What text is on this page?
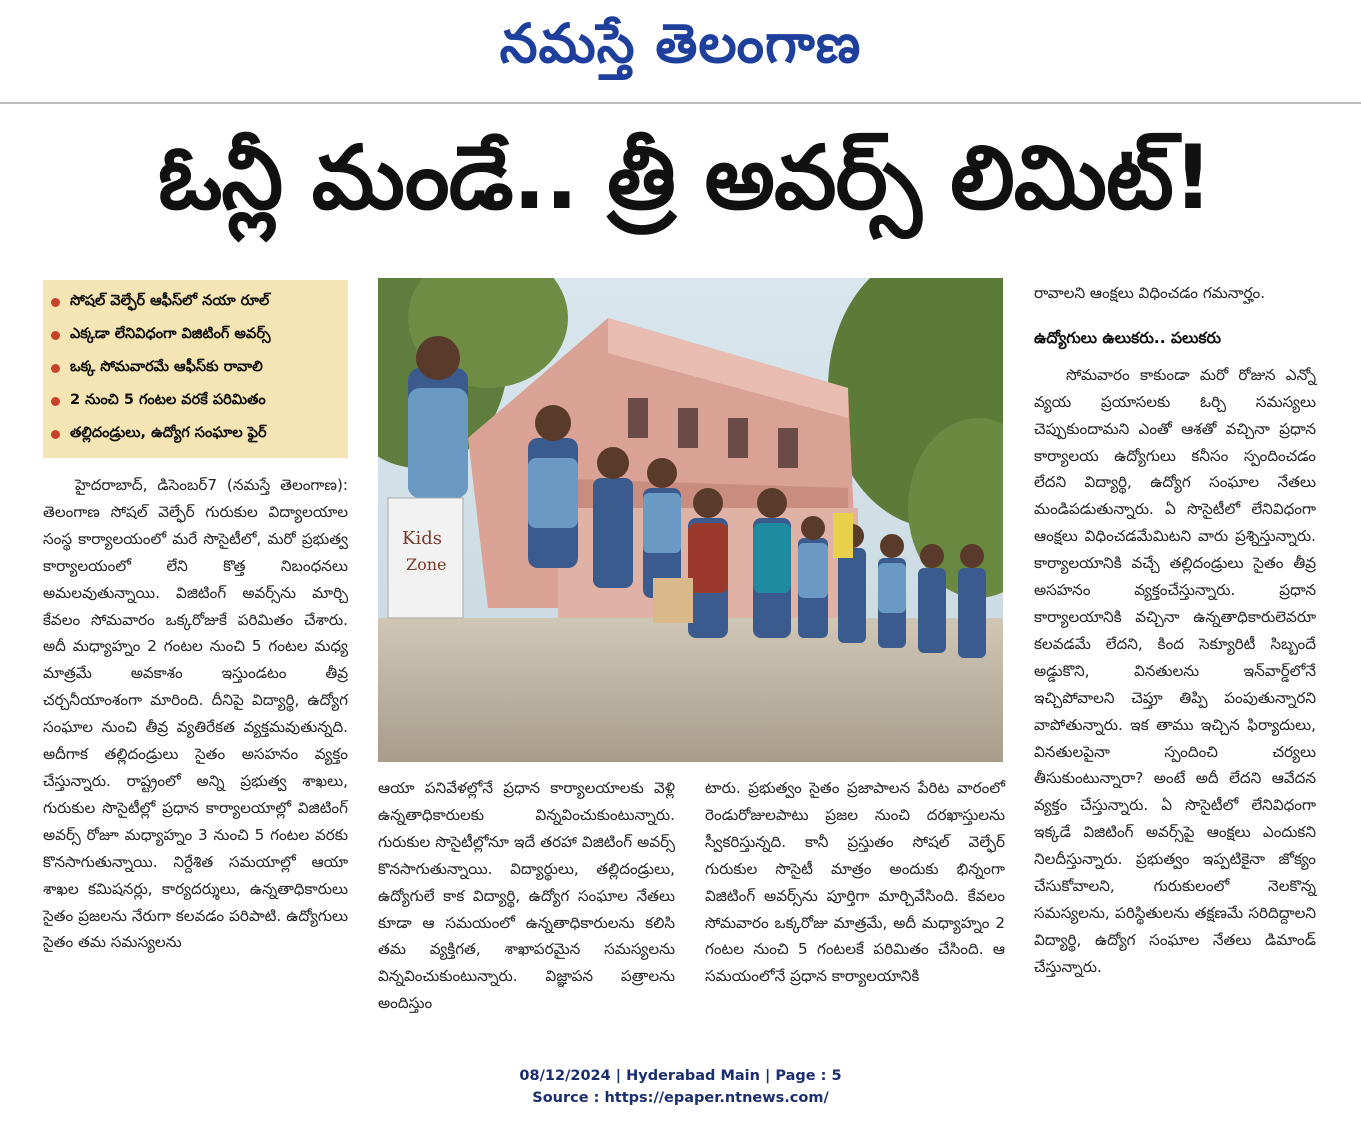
నమస్తే తెలంగాణ
ఓన్లీ మండే.. త్రీ అవర్స్ లిమిట్!
సోషల్ వెల్ఫేర్ ఆఫీస్‌లో నయా రూల్
ఎక్కడా లేనివిధంగా విజిటింగ్ అవర్స్
ఒక్క సోమవారమే ఆఫీస్‌కు రావాలి
2 నుంచి 5 గంటల వరకే పరిమితం
తల్లిదండ్రులు, ఉద్యోగ సంఘాల ఫైర్
Kids
Zone

హైదరాబాద్, డిసెంబర్7 (నమస్తే తెలంగాణ): తెలంగాణ సోషల్ వెల్ఫేర్ గురుకుల విద్యాలయాల సంస్థ కార్యాలయంలో మరే సొసైటీలో, మరో ప్రభుత్వ కార్యాలయంలో లేని కొత్త నిబంధనలు అమలవుతున్నాయి. విజిటింగ్ అవర్స్‌ను మార్చి కేవలం సోమవారం ఒక్కరోజుకే పరిమితం చేశారు. అదీ మధ్యాహ్నం 2 గంటల నుంచి 5 గంటల మధ్య మాత్రమే అవకాశం ఇస్తుండటం తీవ్ర చర్చనీయాంశంగా మారింది. దీనిపై విద్యార్థి, ఉద్యోగ సంఘాల నుంచి తీవ్ర వ్యతిరేకత వ్యక్తమవుతున్నది. అదీగాక తల్లిదండ్రులు సైతం అసహనం వ్యక్తం చేస్తున్నారు. రాష్ట్రంలో అన్ని ప్రభుత్వ శాఖలు, గురుకుల సొసైటీల్లో ప్రధాన కార్యాలయాల్లో విజిటింగ్ అవర్స్ రోజూ మధ్యాహ్నం 3 నుంచి 5 గంటల వరకు కొనసాగుతున్నాయి. నిర్దేశిత సమయాల్లో ఆయా శాఖల కమిషనర్లు, కార్యదర్శులు, ఉన్నతాధికారులు సైతం ప్రజలను నేరుగా కలవడం పరిపాటి. ఉద్యోగులు సైతం తమ సమస్యలను

ఆయా పనివేళల్లోనే ప్రధాన కార్యాలయాలకు వెళ్లి ఉన్నతాధికారులకు విన్నవించుకుంటున్నారు. గురుకుల సొసైటీల్లోనూ ఇదే తరహా విజిటింగ్ అవర్స్ కొనసాగుతున్నాయి. విద్యార్థులు, తల్లిదండ్రులు, ఉద్యోగులే కాక విద్యార్థి, ఉద్యోగ సంఘాల నేతలు కూడా ఆ సమయంలో ఉన్నతాధికారులను కలిసి తమ వ్యక్తిగత, శాఖాపరమైన సమస్యలను విన్నవించుకుంటున్నారు. విజ్ఞాపన పత్రాలను అందిస్తుం

టారు. ప్రభుత్వం సైతం ప్రజాపాలన పేరిట వారంలో రెండురోజులపాటు ప్రజల నుంచి దరఖాస్తులను స్వీకరిస్తున్నది. కానీ ప్రస్తుతం సోషల్ వెల్ఫేర్ గురుకుల సొసైటీ మాత్రం అందుకు భిన్నంగా విజిటింగ్ అవర్స్‌ను పూర్తిగా మార్చివేసింది. కేవలం సోమవారం ఒక్కరోజు మాత్రమే, అదీ మధ్యాహ్నం 2 గంటల నుంచి 5 గంటలకే పరిమితం చేసింది. ఆ సమయంలోనే ప్రధాన కార్యాలయానికి

రావాలని ఆంక్షలు విధించడం గమనార్హం.

ఉద్యోగులు ఉలుకరు.. పలుకరు

సోమవారం కాకుండా మరో రోజున ఎన్నో వ్యయ ప్రయాసలకు ఓర్చి సమస్యలు చెప్పుకుందామని ఎంతో ఆశతో వచ్చినా ప్రధాన కార్యాలయ ఉద్యోగులు కనీసం స్పందించడం లేదని విద్యార్థి, ఉద్యోగ సంఘాల నేతలు మండిపడుతున్నారు. ఏ సొసైటీలో లేనివిధంగా ఆంక్షలు విధించడమేమిటని వారు ప్రశ్నిస్తున్నారు. కార్యాలయానికి వచ్చే తల్లిదండ్రులు సైతం తీవ్ర అసహనం వ్యక్తంచేస్తున్నారు. ప్రధాన కార్యాలయానికి వచ్చినా ఉన్నతాధికారులెవరూ కలవడమే లేదని, కింద సెక్యూరిటీ సిబ్బందే అడ్డుకొని, వినతులను ఇన్‌వార్డ్‌లోనే ఇచ్చిపోవాలని చెప్తూ తిప్పి పంపుతున్నారని వాపోతున్నారు. ఇక తాము ఇచ్చిన ఫిర్యాదులు, వినతులపైనా స్పందించి చర్యలు తీసుకుంటున్నారా? అంటే అదీ లేదని ఆవేదన వ్యక్తం చేస్తున్నారు. ఏ సొసైటీలో లేనివిధంగా ఇక్కడే విజిటింగ్ అవర్స్‌పై ఆంక్షలు ఎందుకని నిలదీస్తున్నారు. ప్రభుత్వం ఇప్పటికైనా జోక్యం చేసుకోవాలని, గురుకులంలో నెలకొన్న సమస్యలను, పరిస్థితులను తక్షణమే సరిదిద్దాలని విద్యార్థి, ఉద్యోగ సంఘాల నేతలు డిమాండ్ చేస్తున్నారు.

08/12/2024 | Hyderabad Main | Page : 5
Source : https://epaper.ntnews.com/
